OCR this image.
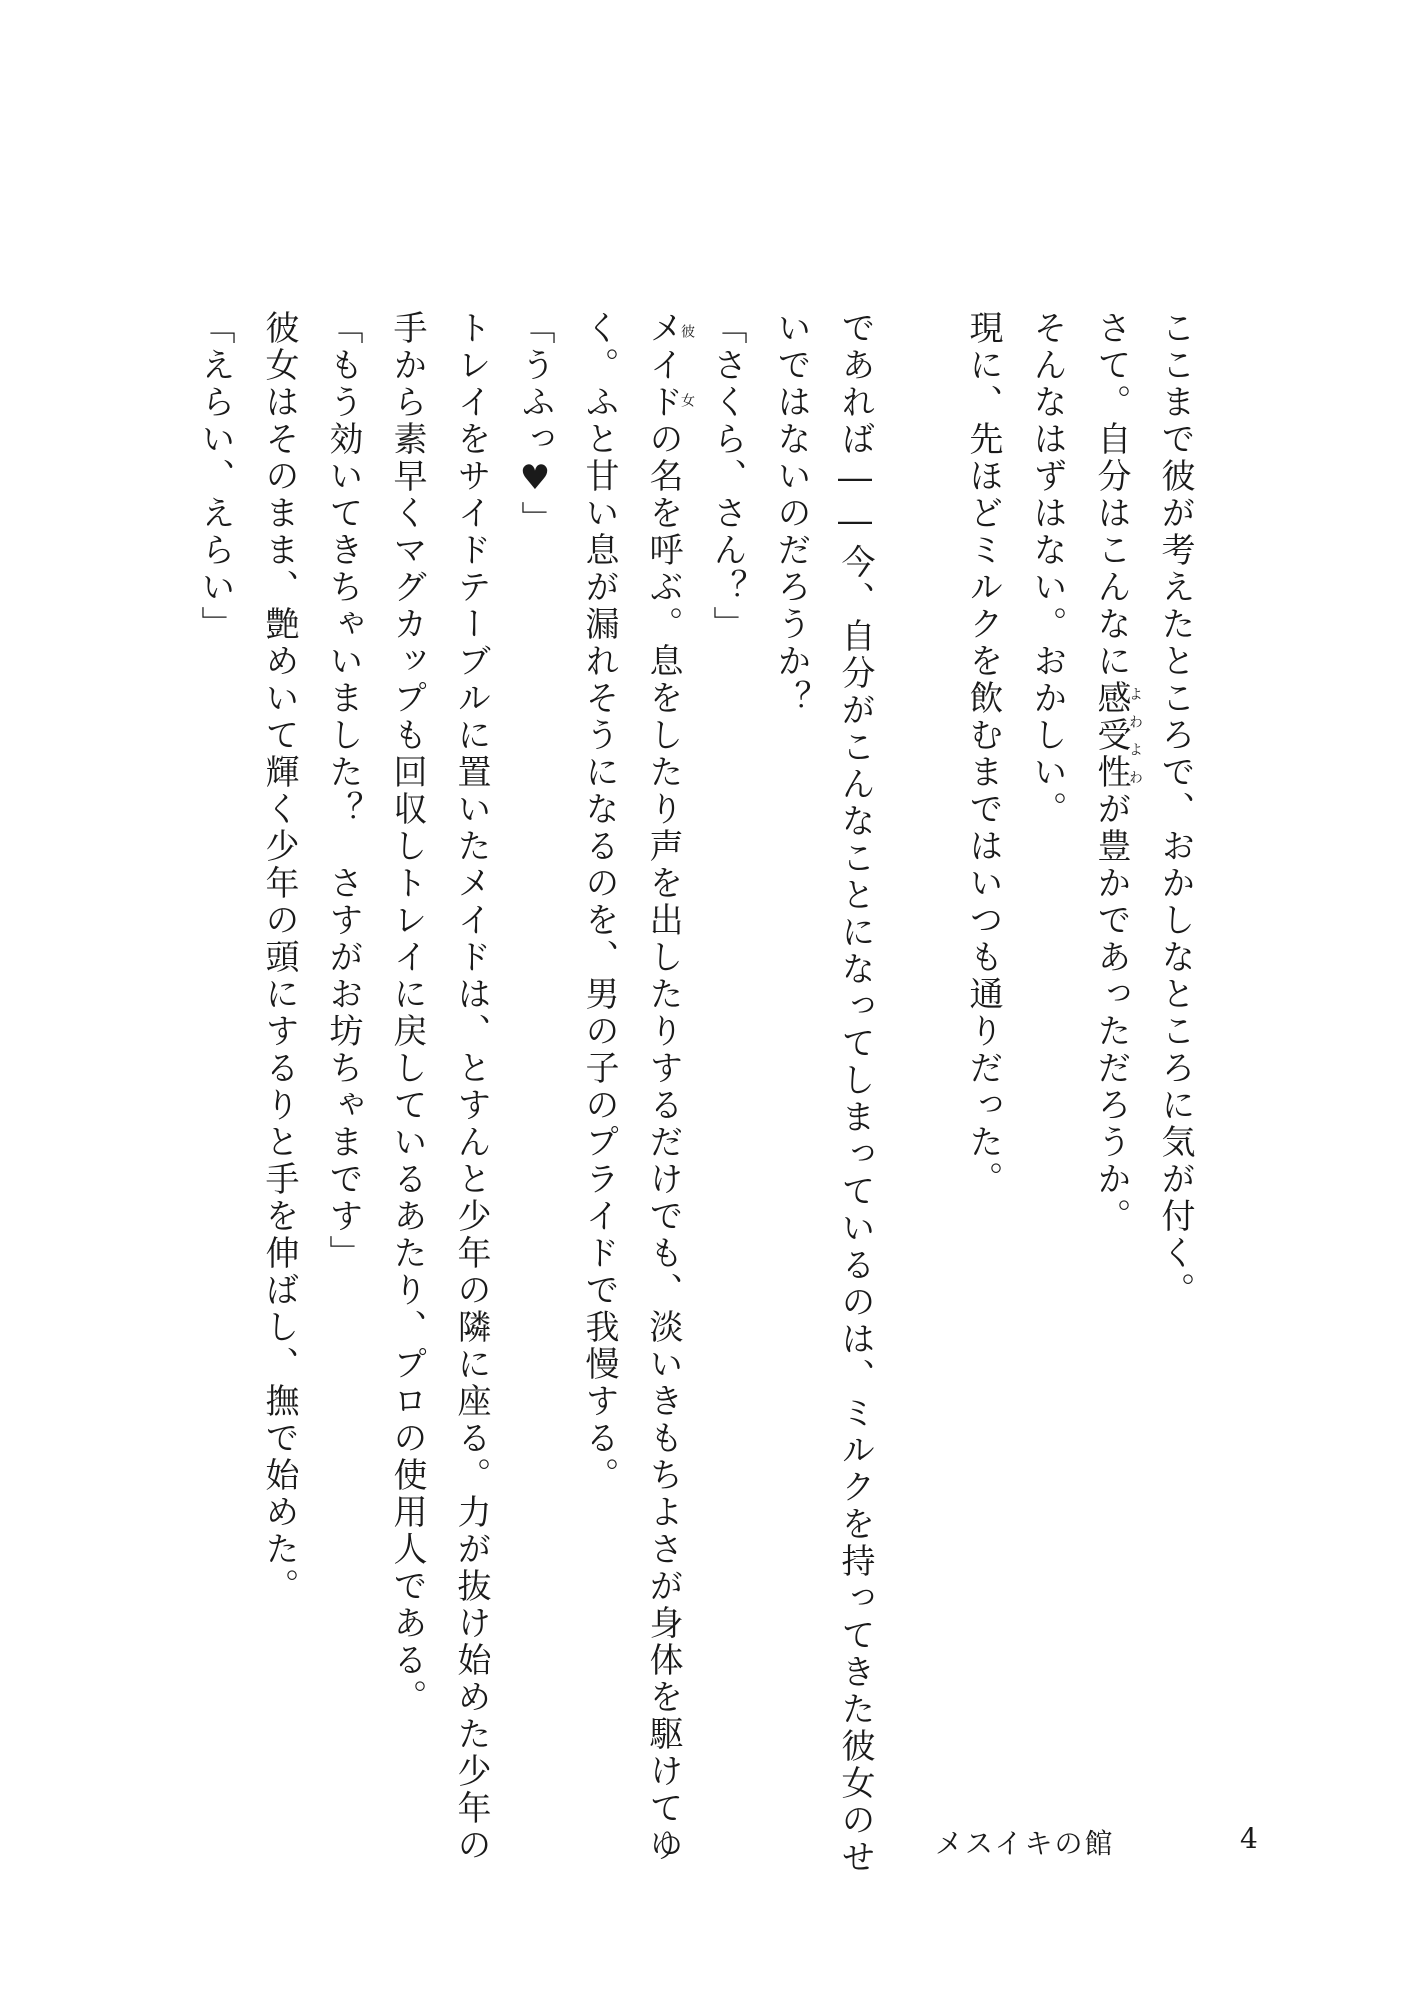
ここまで彼が考えたところで、おかしなところに気が付く。
さて。自分はこんなに感受性よわよわが豊かであっただろうか。
そんなはずはない。おかしい。
現に、先ほどミルクを飲むまではいつも通りだった。
であれば――今、自分がこんなことになってしまっているのは、ミルクを持ってきた彼女のせ
いではないのだろうか？
「さくら、さん？」
メイド彼女の名を呼ぶ。息をしたり声を出したりするだけでも、淡いきもちよさが身体を駆けてゆ
く。ふと甘い息が漏れそうになるのを、男の子のプライドで我慢する。
「うふっ♥」
トレイをサイドテーブルに置いたメイドは、とすんと少年の隣に座る。力が抜け始めた少年の
手から素早くマグカップも回収しトレイに戻しているあたり、プロの使用人である。
「もう効いてきちゃいました？　さすがお坊ちゃまです」
彼女はそのまま、艶めいて輝く少年の頭にするりと手を伸ばし、撫で始めた。
「えらい、えらい」
メスイキの館	4
